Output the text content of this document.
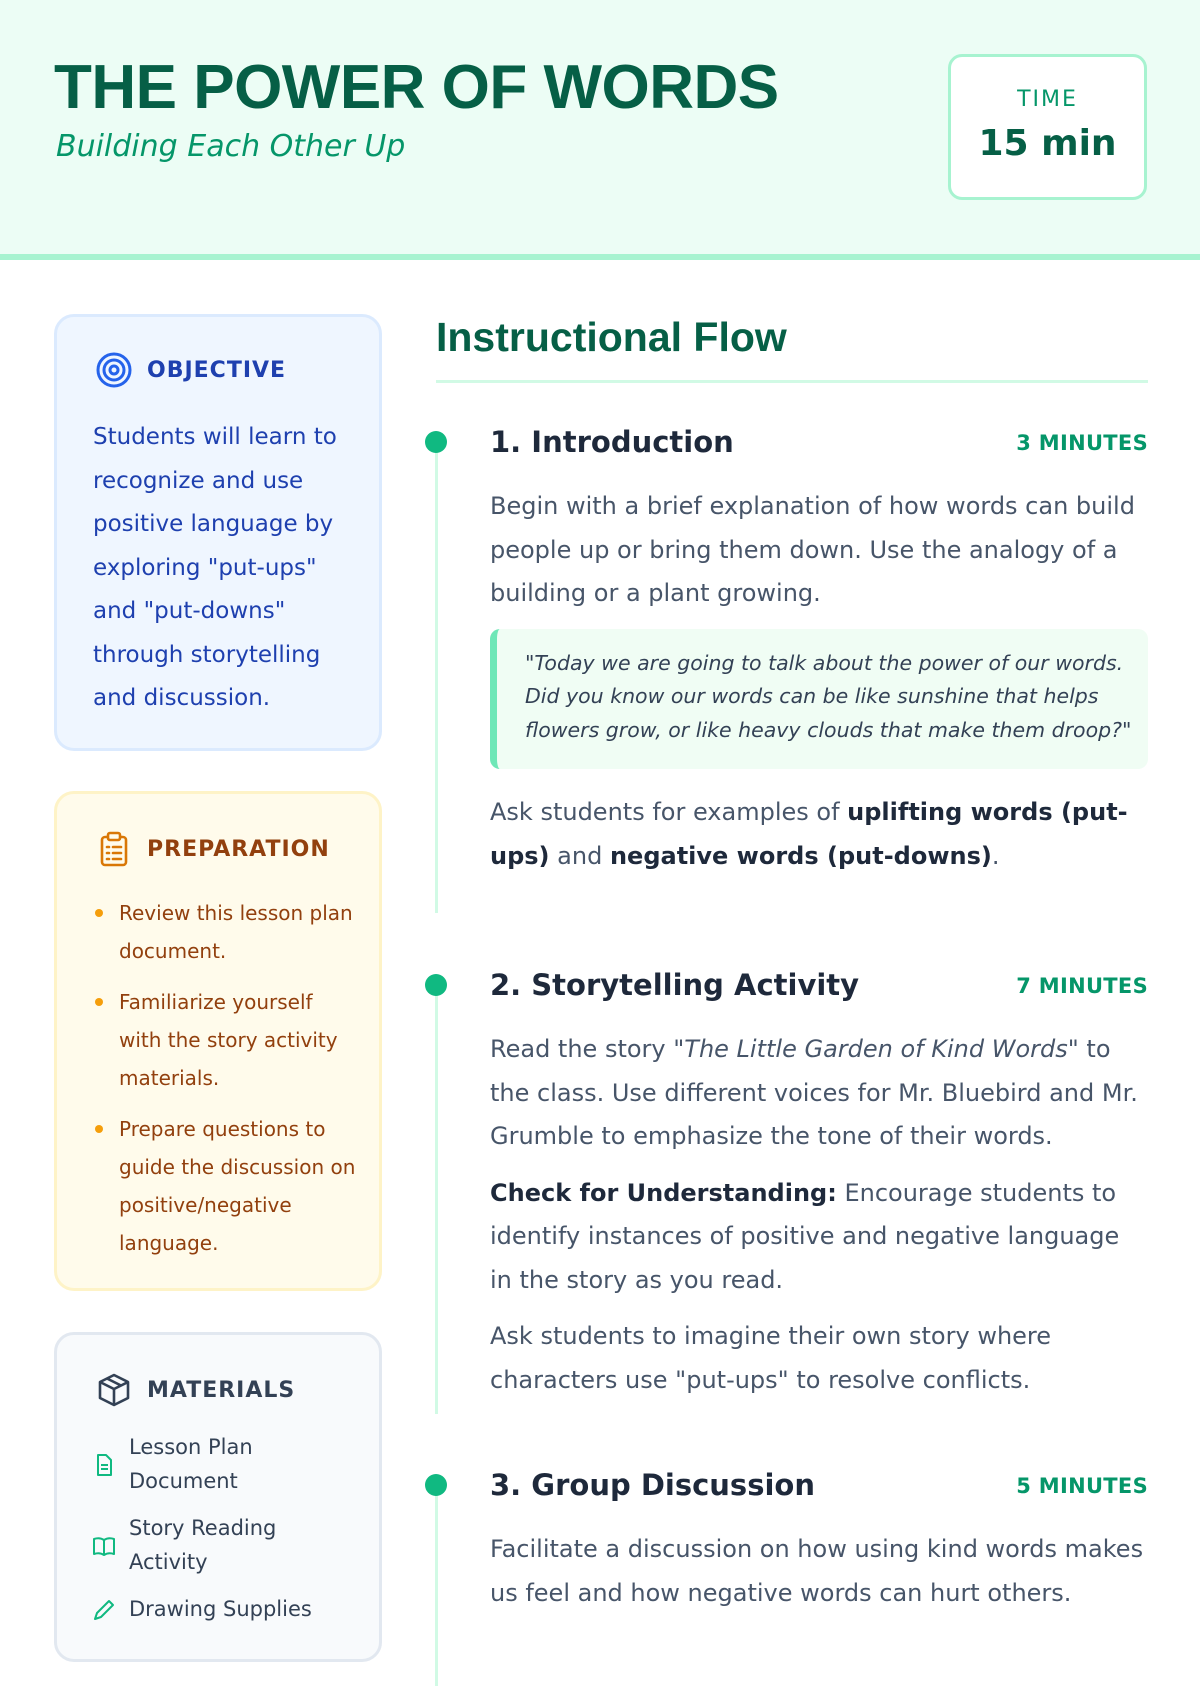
THE POWER OF WORDS
Building Each Other Up
TIME
15 min
OBJECTIVE
Students will learn to recognize and use positive language by exploring "put-ups" and "put-downs" through storytelling and discussion.
PREPARATION
Review this lesson plan document.
Familiarize yourself with the story activity materials.
Prepare questions to guide the discussion on positive/negative language.
MATERIALS
Lesson Plan Document
Story Reading Activity
Drawing Supplies
Instructional Flow
1. Introduction	3 MINUTES

Begin with a brief explanation of how words can build people up or bring them down. Use the analogy of a building or a plant growing.

"Today we are going to talk about the power of our words. Did you know our words can be like sunshine that helps flowers grow, or like heavy clouds that make them droop?"

Ask students for examples of uplifting words (put-ups) and negative words (put-downs).

2. Storytelling Activity	7 MINUTES

Read the story "The Little Garden of Kind Words" to the class. Use different voices for Mr. Bluebird and Mr. Grumble to emphasize the tone of their words.

Check for Understanding: Encourage students to identify instances of positive and negative language in the story as you read.

Ask students to imagine their own story where characters use "put-ups" to resolve conflicts.

3. Group Discussion	5 MINUTES

Facilitate a discussion on how using kind words makes us feel and how negative words can hurt others.
